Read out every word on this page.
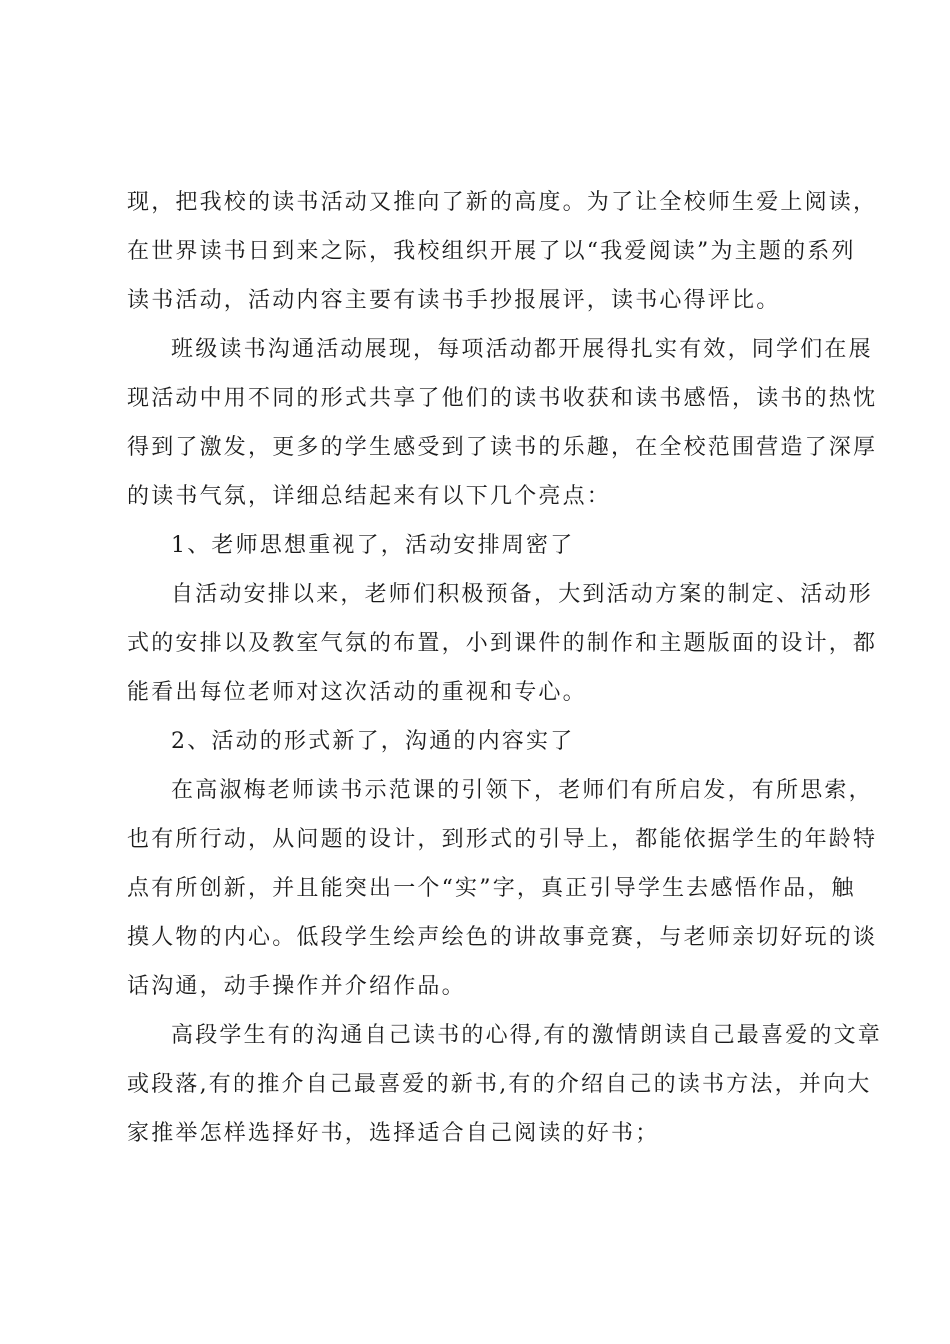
现，把我校的读书活动又推向了新的高度。为了让全校师生爱上阅读，
在世界读书日到来之际，我校组织开展了以“我爱阅读”为主题的系列
读书活动，活动内容主要有读书手抄报展评，读书心得评比。
班级读书沟通活动展现，每项活动都开展得扎实有效，同学们在展
现活动中用不同的形式共享了他们的读书收获和读书感悟，读书的热忱
得到了激发，更多的学生感受到了读书的乐趣，在全校范围营造了深厚
的读书气氛，详细总结起来有以下几个亮点：
1、老师思想重视了，活动安排周密了
自活动安排以来，老师们积极预备，大到活动方案的制定、活动形
式的安排以及教室气氛的布置，小到课件的制作和主题版面的设计，都
能看出每位老师对这次活动的重视和专心。
2、活动的形式新了，沟通的内容实了
在高淑梅老师读书示范课的引领下，老师们有所启发，有所思索，
也有所行动，从问题的设计，到形式的引导上，都能依据学生的年龄特
点有所创新，并且能突出一个“实”字，真正引导学生去感悟作品，触
摸人物的内心。低段学生绘声绘色的讲故事竞赛，与老师亲切好玩的谈
话沟通，动手操作并介绍作品。
高段学生有的沟通自己读书的心得,有的激情朗读自己最喜爱的文章
或段落,有的推介自己最喜爱的新书,有的介绍自己的读书方法，并向大
家推举怎样选择好书，选择适合自己阅读的好书；
